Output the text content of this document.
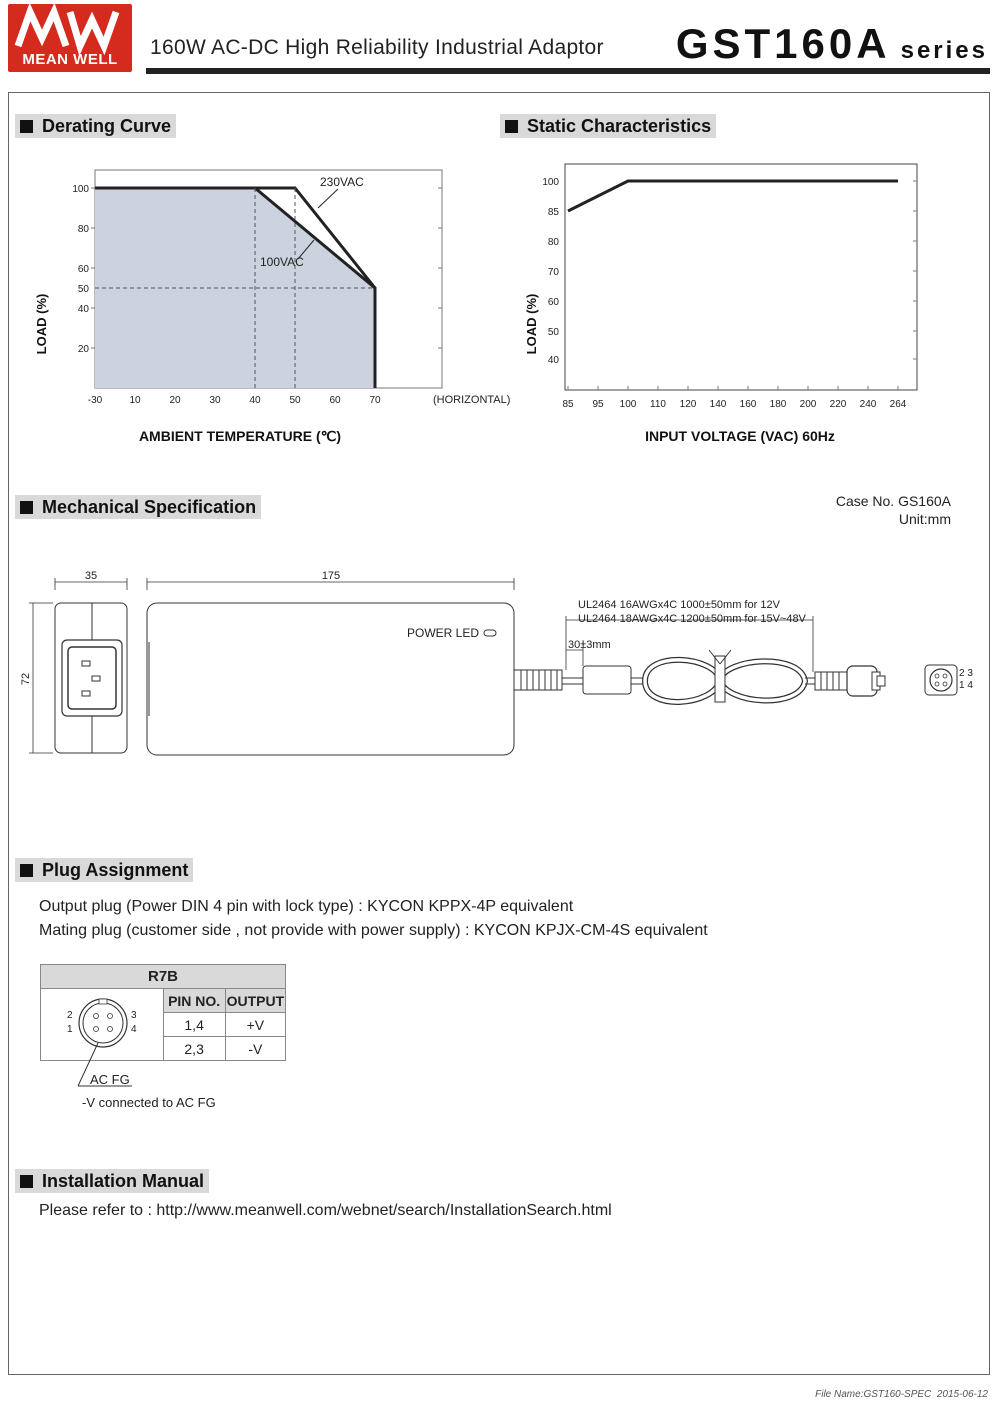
MEAN WELL
160W AC-DC High Reliability Industrial Adaptor GST160A series
Derating Curve
230VAC
100VAC
(HORIZONTAL)
-30	10	20	30	40	50	60	70
100
80
60
50
40
20
AMBIENT TEMPERATURE (℃)
LOAD (%)
Static Characteristics
85 95 100 110 120 140 160 180 200 220 240 264
100
85
80
70
60
50
40
INPUT VOLTAGE (VAC) 60Hz
LOAD (%)
Mechanical Specification	Case No. GS160A
Unit:mm
35
72
175
POWER LED
30±3mm
UL2464 16AWGx4C 1000±50mm for 12V
UL2464 18AWGx4C 1200±50mm for 15V~48V
2 3
1 4
Plug Assignment
Output plug (Power DIN 4 pin with lock type) : KYCON KPPX-4P equivalent
Mating plug (customer side , not provide with power supply) : KYCON KPJX-CM-4S equivalent
R7B		

2
1
3
4	PIN NO.	OUTPUT
	1,4	+V
	2,3	-V
AC FG
-V connected to AC FG
Installation Manual
Please refer to : http://www.meanwell.com/webnet/search/InstallationSearch.html
File Name:GST160-SPEC 2015-06-12
